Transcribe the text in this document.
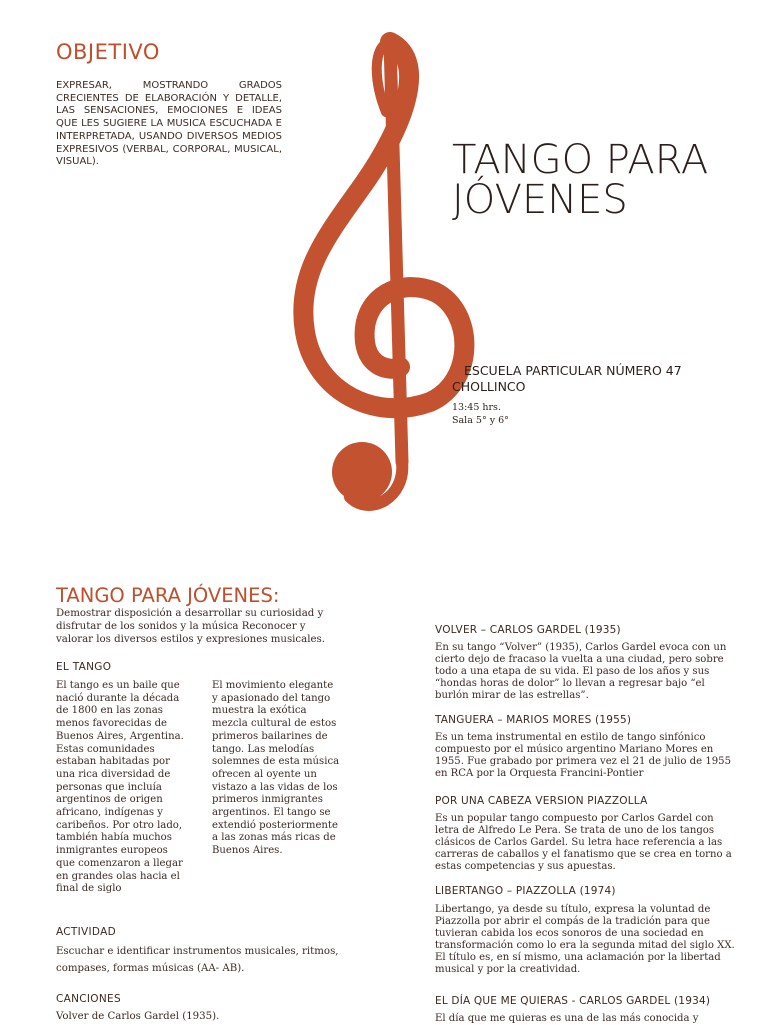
OBJETIVO
EXPRESAR, MOSTRANDO GRADOS CRECIENTES DE ELABORACIÓN Y DETALLE, LAS SENSACIONES, EMOCIONES E IDEAS QUE LES SUGIERE LA MUSICA ESCUCHADA E INTERPRETADA, USANDO DIVERSOS MEDIOS EXPRESIVOS (VERBAL, CORPORAL, MUSICAL, VISUAL).	TANGO PARA
JÓVENES
ESCUELA PARTICULAR NÚMERO 47
CHOLLINCO
13:45 hrs.
Sala 5° y 6°
TANGO PARA JÓVENES:
Demostrar disposición a desarrollar su curiosidad y disfrutar de los sonidos y la música Reconocer y valorar los diversos estilos y expresiones musicales.
EL TANGO
El tango es un baile que nació durante la década de 1800 en las zonas menos favorecidas de Buenos Aires, Argentina. Estas comunidades estaban habitadas por una rica diversidad de personas que incluía argentinos de origen africano, indígenas y caribeños. Por otro lado, también había muchos inmigrantes europeos que comenzaron a llegar en grandes olas hacia el final de siglo
El movimiento elegante y apasionado del tango muestra la exótica mezcla cultural de estos primeros bailarines de tango. Las melodías solemnes de esta música ofrecen al oyente un vistazo a las vidas de los primeros inmigrantes argentinos. El tango se extendió posteriormente a las zonas más ricas de Buenos Aires.
ACTIVIDAD
Escuchar e identificar instrumentos musicales, ritmos, compases, formas músicas (AA- AB).
CANCIONES
Volver de Carlos Gardel (1935).
VOLVER – CARLOS GARDEL (1935)
En su tango “Volver” (1935), Carlos Gardel evoca con un cierto dejo de fracaso la vuelta a una ciudad, pero sobre todo a una etapa de su vida. El paso de los años y sus “hondas horas de dolor” lo llevan a regresar bajo “el burlón mirar de las estrellas”.
TANGUERA – MARIOS MORES (1955)
Es un tema instrumental en estilo de tango sinfónico compuesto por el músico argentino Mariano Mores en 1955. Fue grabado por primera vez el 21 de julio de 1955 en RCA por la Orquesta Francini-Pontier
POR UNA CABEZA VERSION PIAZZOLLA
Es un popular tango compuesto por Carlos Gardel con letra de Alfredo Le Pera. Se trata de uno de los tangos clásicos de Carlos Gardel. Su letra hace referencia a las carreras de caballos y el fanatismo que se crea en torno a estas competencias y sus apuestas.
LIBERTANGO – PIAZZOLLA (1974)
Libertango, ya desde su título, expresa la voluntad de Piazzolla por abrir el compás de la tradición para que tuvieran cabida los ecos sonoros de una sociedad en transformación como lo era la segunda mitad del siglo XX. El título es, en sí mismo, una aclamación por la libertad musical y por la creatividad.
EL DÍA QUE ME QUIERAS - CARLOS GARDEL (1934)
El día que me quieras es una de las más conocida y
